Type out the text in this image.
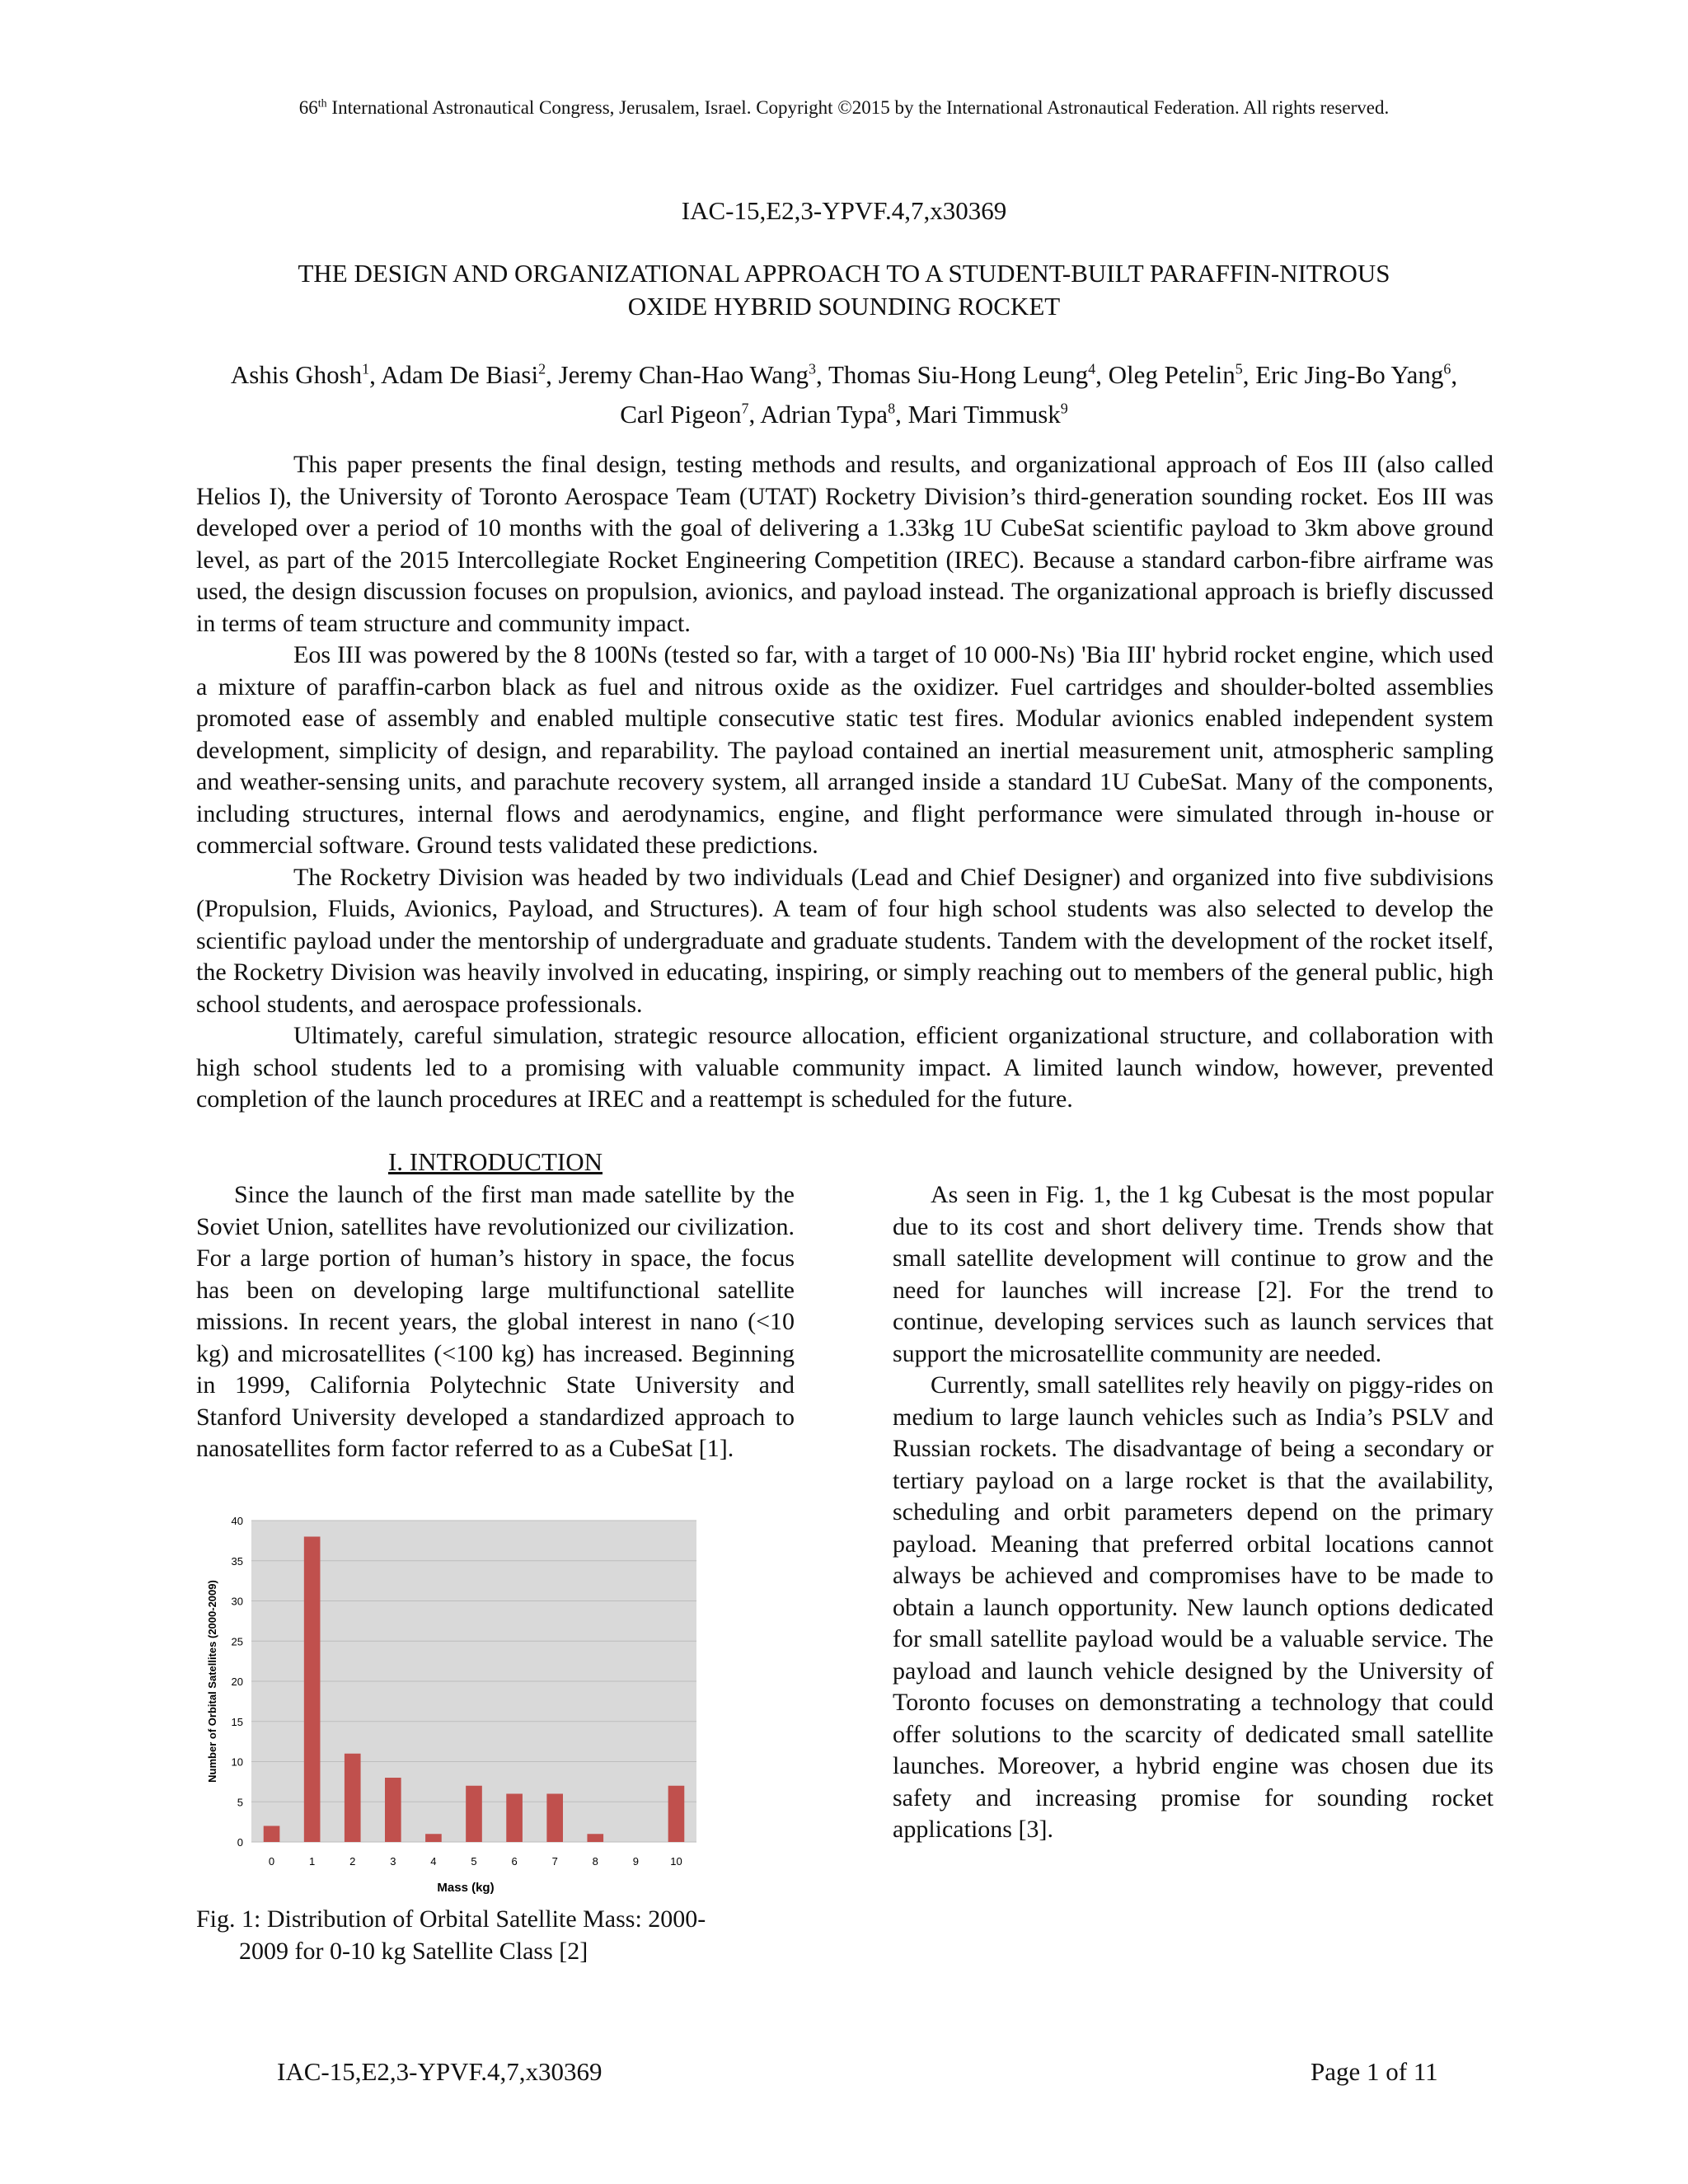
66th International Astronautical Congress, Jerusalem, Israel. Copyright ©2015 by the International Astronautical Federation. All rights reserved.
IAC-15,E2,3-YPVF.4,7,x30369
THE DESIGN AND ORGANIZATIONAL APPROACH TO A STUDENT-BUILT PARAFFIN-NITROUS
OXIDE HYBRID SOUNDING ROCKET
Ashis Ghosh$^1$, Adam De Biasi$^2$, Jeremy Chan-Hao Wang$^3$, Thomas Siu-Hong Leung$^4$, Oleg Petelin$^5$, Eric Jing-Bo Yang$^6$, Carl Pigeon$^7$, Adrian Typa$^8$, Mari Timmusk$^9$

This paper presents the final design, testing methods and results, and organizational approach of Eos III (also called Helios I), the University of Toronto Aerospace Team (UTAT) Rocketry Division’s third-generation sounding rocket. Eos III was developed over a period of 10 months with the goal of delivering a 1.33kg 1U CubeSat scientific payload to 3km above ground level, as part of the 2015 Intercollegiate Rocket Engineering Competition (IREC). Because a standard carbon-fibre airframe was used, the design discussion focuses on propulsion, avionics, and payload instead. The organizational approach is briefly discussed in terms of team structure and community impact.

Eos III was powered by the 8 100Ns (tested so far, with a target of 10 000-Ns) 'Bia III' hybrid rocket engine, which used a mixture of paraffin-carbon black as fuel and nitrous oxide as the oxidizer. Fuel cartridges and shoulder-bolted assemblies promoted ease of assembly and enabled multiple consecutive static test fires. Modular avionics enabled independent system development, simplicity of design, and reparability. The payload contained an inertial measurement unit, atmospheric sampling and weather-sensing units, and parachute recovery system, all arranged inside a standard 1U CubeSat. Many of the components, including structures, internal flows and aerodynamics, engine, and flight performance were simulated through in-house or commercial software. Ground tests validated these predictions.

The Rocketry Division was headed by two individuals (Lead and Chief Designer) and organized into five subdivisions (Propulsion, Fluids, Avionics, Payload, and Structures). A team of four high school students was also selected to develop the scientific payload under the mentorship of undergraduate and graduate students. Tandem with the development of the rocket itself, the Rocketry Division was heavily involved in educating, inspiring, or simply reaching out to members of the general public, high school students, and aerospace professionals.

Ultimately, careful simulation, strategic resource allocation, efficient organizational structure, and collaboration with high school students led to a promising with valuable community impact. A limited launch window, however, prevented completion of the launch procedures at IREC and a reattempt is scheduled for the future.

I. INTRODUCTION

Since the launch of the first man made satellite by the Soviet Union, satellites have revolutionized our civilization. For a large portion of human’s history in space, the focus has been on developing large multifunctional satellite missions. In recent years, the global interest in nano (<10 kg) and microsatellites (<100 kg) has increased. Beginning in 1999, California Polytechnic State University and Stanford University developed a standardized approach to nanosatellites form factor referred to as a CubeSat [1].

0
5
10
15
20
25
30
35
40
0	1	2	3	4	5	6	7	8	9	10
Number of Orbital Satellites (2000-2009)
Mass (kg)
Fig. 1: Distribution of Orbital Satellite Mass: 2000-
2009 for 0-10 kg Satellite Class [2]

As seen in Fig. 1, the 1 kg Cubesat is the most popular due to its cost and short delivery time. Trends show that small satellite development will continue to grow and the need for launches will increase [2]. For the trend to continue, developing services such as launch services that support the microsatellite community are needed.

Currently, small satellites rely heavily on piggy-rides on medium to large launch vehicles such as India’s PSLV and Russian rockets. The disadvantage of being a secondary or tertiary payload on a large rocket is that the availability, scheduling and orbit parameters depend on the primary payload. Meaning that preferred orbital locations cannot always be achieved and compromises have to be made to obtain a launch opportunity. New launch options dedicated for small satellite payload would be a valuable service. The payload and launch vehicle designed by the University of Toronto focuses on demonstrating a technology that could offer solutions to the scarcity of dedicated small satellite launches. Moreover, a hybrid engine was chosen due its safety and increasing promise for sounding rocket applications [3].

IAC-15,E2,3-YPVF.4,7,x30369	Page 1 of 11
